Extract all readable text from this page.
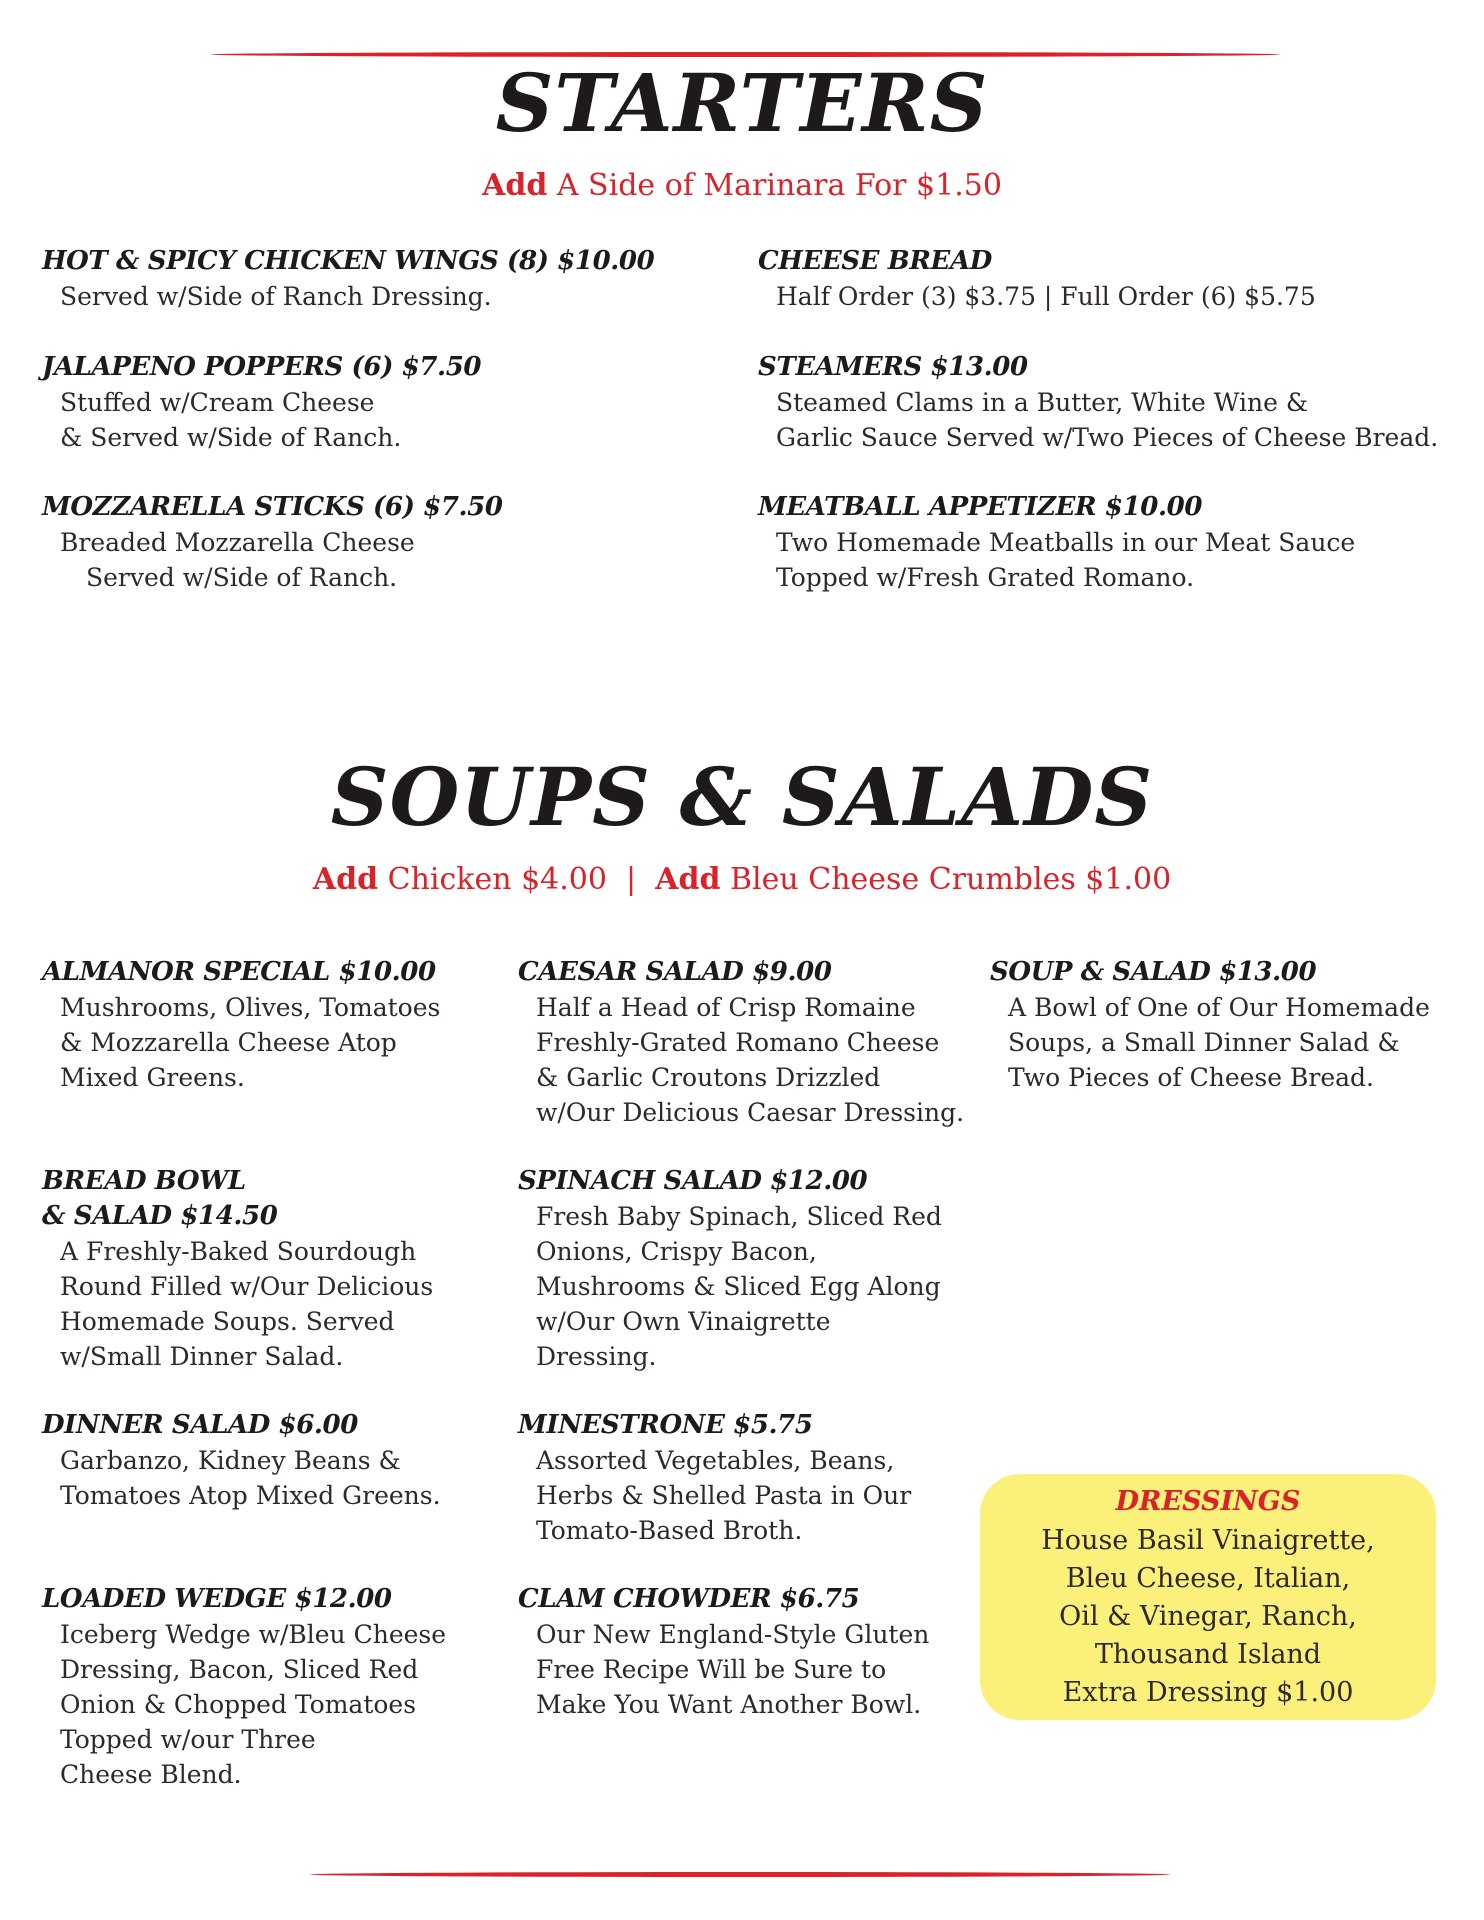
STARTERS
Add A Side of Marinara For $1.50
HOT & SPICY CHICKEN WINGS (8) $10.00
Served w/Side of Ranch Dressing.
CHEESE BREAD
Half Order (3) $3.75 | Full Order (6) $5.75
JALAPENO POPPERS (6) $7.50
Stuffed w/Cream Cheese
& Served w/Side of Ranch.
STEAMERS $13.00
Steamed Clams in a Butter, White Wine &
Garlic Sauce Served w/Two Pieces of Cheese Bread.
MOZZARELLA STICKS (6) $7.50
Breaded Mozzarella Cheese
Served w/Side of Ranch.
MEATBALL APPETIZER $10.00
Two Homemade Meatballs in our Meat Sauce
Topped w/Fresh Grated Romano.
SOUPS & SALADS
Add Chicken $4.00 | Add Bleu Cheese Crumbles $1.00
ALMANOR SPECIAL $10.00
Mushrooms, Olives, Tomatoes
& Mozzarella Cheese Atop
Mixed Greens.
CAESAR SALAD $9.00
Half a Head of Crisp Romaine
Freshly-Grated Romano Cheese
& Garlic Croutons Drizzled
w/Our Delicious Caesar Dressing.
SOUP & SALAD $13.00
A Bowl of One of Our Homemade
Soups, a Small Dinner Salad &
Two Pieces of Cheese Bread.
BREAD BOWL
& SALAD $14.50
A Freshly-Baked Sourdough
Round Filled w/Our Delicious
Homemade Soups. Served
w/Small Dinner Salad.
SPINACH SALAD $12.00
Fresh Baby Spinach, Sliced Red
Onions, Crispy Bacon,
Mushrooms & Sliced Egg Along
w/Our Own Vinaigrette
Dressing.
DINNER SALAD $6.00
Garbanzo, Kidney Beans &
Tomatoes Atop Mixed Greens.
MINESTRONE $5.75
Assorted Vegetables, Beans,
Herbs & Shelled Pasta in Our
Tomato-Based Broth.
LOADED WEDGE $12.00
Iceberg Wedge w/Bleu Cheese
Dressing, Bacon, Sliced Red
Onion & Chopped Tomatoes
Topped w/our Three
Cheese Blend.
CLAM CHOWDER $6.75
Our New England-Style Gluten
Free Recipe Will be Sure to
Make You Want Another Bowl.
DRESSINGS
House Basil Vinaigrette,
Bleu Cheese, Italian,
Oil & Vinegar, Ranch,
Thousand Island
Extra Dressing $1.00
